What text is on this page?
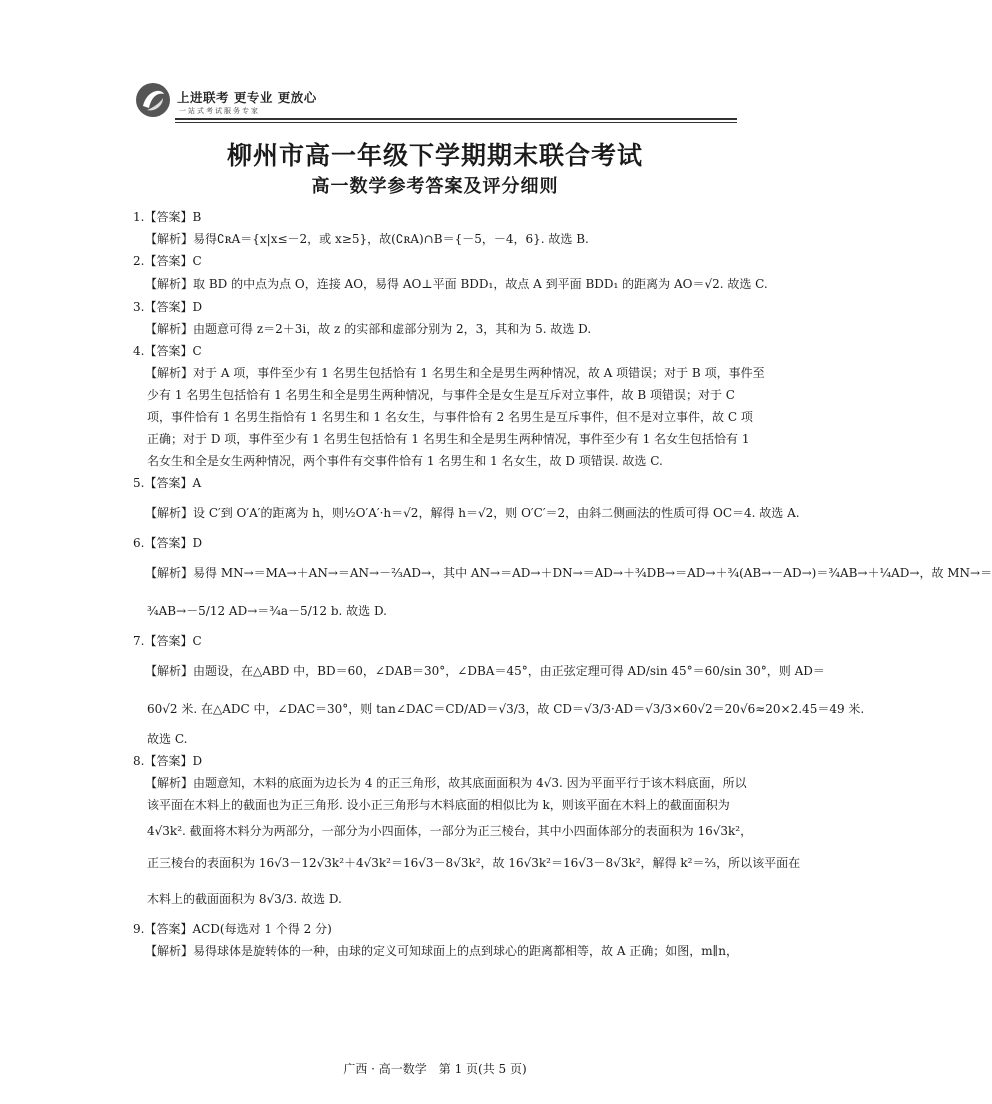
上进联考 更专业 更放心
一站式考试服务专家
柳州市高一年级下学期期末联合考试
高一数学参考答案及评分细则
1.【答案】B
【解析】易得∁ʀA＝{x|x≤－2，或 x≥5}，故(∁ʀA)∩B＝{－5，－4，6}. 故选 B.
2.【答案】C
【解析】取 BD 的中点为点 O，连接 AO，易得 AO⊥平面 BDD₁，故点 A 到平面 BDD₁ 的距离为 AO＝√2. 故选 C.
3.【答案】D
【解析】由题意可得 z＝2＋3i，故 z 的实部和虚部分别为 2，3，其和为 5. 故选 D.
4.【答案】C
【解析】对于 A 项，事件至少有 1 名男生包括恰有 1 名男生和全是男生两种情况，故 A 项错误；对于 B 项，事件至
少有 1 名男生包括恰有 1 名男生和全是男生两种情况，与事件全是女生是互斥对立事件，故 B 项错误；对于 C
项，事件恰有 1 名男生指恰有 1 名男生和 1 名女生，与事件恰有 2 名男生是互斥事件，但不是对立事件，故 C 项
正确；对于 D 项，事件至少有 1 名男生包括恰有 1 名男生和全是男生两种情况，事件至少有 1 名女生包括恰有 1
名女生和全是女生两种情况，两个事件有交事件恰有 1 名男生和 1 名女生，故 D 项错误. 故选 C.
5.【答案】A
【解析】设 C′到 O′A′的距离为 h，则½O′A′·h＝√2，解得 h＝√2，则 O′C′＝2，由斜二侧画法的性质可得 OC＝4. 故选 A.
6.【答案】D
【解析】易得 MN→＝MA→＋AN→＝AN→－⅔AD→，其中 AN→＝AD→＋DN→＝AD→＋¾DB→＝AD→＋¾(AB→－AD→)＝¾AB→＋¼AD→，故 MN→＝
¾AB→－5/12 AD→＝¾a－5/12 b. 故选 D.
7.【答案】C
【解析】由题设，在△ABD 中，BD＝60，∠DAB＝30°，∠DBA＝45°，由正弦定理可得 AD/sin 45°＝60/sin 30°，则 AD＝
60√2 米. 在△ADC 中，∠DAC＝30°，则 tan∠DAC＝CD/AD＝√3/3，故 CD＝√3/3·AD＝√3/3×60√2＝20√6≈20×2.45＝49 米.
故选 C.
8.【答案】D
【解析】由题意知，木料的底面为边长为 4 的正三角形，故其底面面积为 4√3. 因为平面平行于该木料底面，所以
该平面在木料上的截面也为正三角形. 设小正三角形与木料底面的相似比为 k，则该平面在木料上的截面面积为
4√3k². 截面将木料分为两部分，一部分为小四面体，一部分为正三棱台，其中小四面体部分的表面积为 16√3k²，
正三棱台的表面积为 16√3－12√3k²＋4√3k²＝16√3－8√3k²，故 16√3k²＝16√3－8√3k²，解得 k²＝⅔，所以该平面在
木料上的截面面积为 8√3/3. 故选 D.
9.【答案】ACD(每选对 1 个得 2 分)
【解析】易得球体是旋转体的一种，由球的定义可知球面上的点到球心的距离都相等，故 A 正确；如图，m∥n，
广西 · 高一数学　第 1 页(共 5 页)
